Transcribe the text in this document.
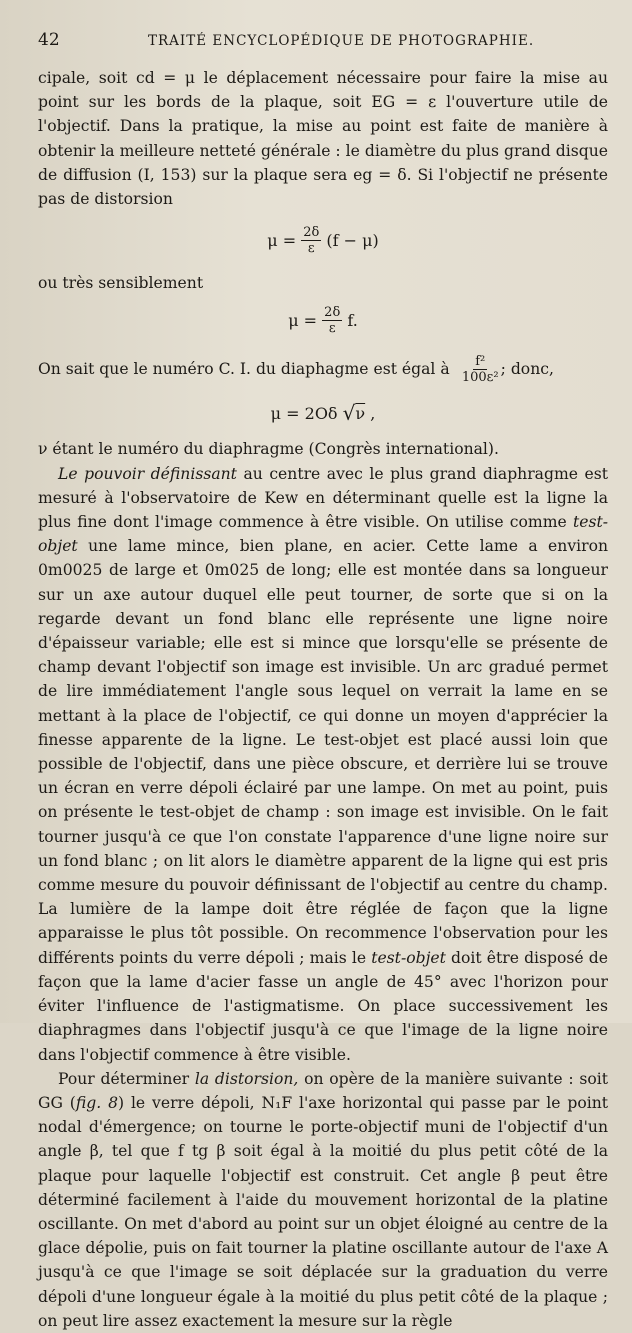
42	TRAITÉ ENCYCLOPÉDIQUE DE PHOTOGRAPHIE.

cipale, soit cd = μ le déplacement nécessaire pour faire la mise au point sur les bords de la plaque, soit EG = ε l'ouverture utile de l'objectif. Dans la pratique, la mise au point est faite de manière à obtenir la meilleure netteté générale : le diamètre du plus grand disque de diffusion (I, 153) sur la plaque sera eg = δ. Si l'objectif ne présente pas de distorsion

μ =
$\frac{2\delta}{\varepsilon}$
(f − μ)

ou très sensiblement

μ =
$\frac{2\delta}{\varepsilon}$
f.
On sait que le numéro C. I. du diaphagme est égal à
$\frac{\text{f²}}{\text{100ε²}}$ ; donc,
μ = 2Oδ
√ ν
,

ν étant le numéro du diaphragme (Congrès international).

Le pouvoir définissant au centre avec le plus grand diaphragme est mesuré à l'observatoire de Kew en déterminant quelle est la ligne la plus fine dont l'image commence à être visible. On utilise comme test-objet une lame mince, bien plane, en acier. Cette lame a environ 0m0025 de large et 0m025 de long; elle est montée dans sa longueur sur un axe autour duquel elle peut tourner, de sorte que si on la regarde devant un fond blanc elle représente une ligne noire d'épaisseur variable; elle est si mince que lorsqu'elle se présente de champ devant l'objectif son image est invisible. Un arc gradué permet de lire immédiatement l'angle sous lequel on verrait la lame en se mettant à la place de l'objectif, ce qui donne un moyen d'apprécier la finesse apparente de la ligne. Le test-objet est placé aussi loin que possible de l'objectif, dans une pièce obscure, et derrière lui se trouve un écran en verre dépoli éclairé par une lampe. On met au point, puis on présente le test-objet de champ : son image est invisible. On le fait tourner jusqu'à ce que l'on constate l'apparence d'une ligne noire sur un fond blanc ; on lit alors le diamètre apparent de la ligne qui est pris comme mesure du pouvoir définissant de l'objectif au centre du champ. La lumière de la lampe doit être réglée de façon que la ligne apparaisse le plus tôt possible. On recommence l'observation pour les différents points du verre dépoli ; mais le test-objet doit être disposé de façon que la lame d'acier fasse un angle de 45° avec l'horizon pour éviter l'influence de l'astigmatisme. On place successivement les diaphragmes dans l'objectif jusqu'à ce que l'image de la ligne noire dans l'objectif commence à être visible.

Pour déterminer la distorsion, on opère de la manière suivante : soit GG (fig. 8) le verre dépoli, N₁F l'axe horizontal qui passe par le point nodal d'émergence; on tourne le porte-objectif muni de l'objectif d'un angle β, tel que f tg β soit égal à la moitié du plus petit côté de la plaque pour laquelle l'objectif est construit. Cet angle β peut être déterminé facilement à l'aide du mouvement horizontal de la platine oscillante. On met d'abord au point sur un objet éloigné au centre de la glace dépolie, puis on fait tourner la platine oscillante autour de l'axe A jusqu'à ce que l'image se soit déplacée sur la graduation du verre dépoli d'une longueur égale à la moitié du plus petit côté de la plaque ; on peut lire assez exactement la mesure sur la règle
